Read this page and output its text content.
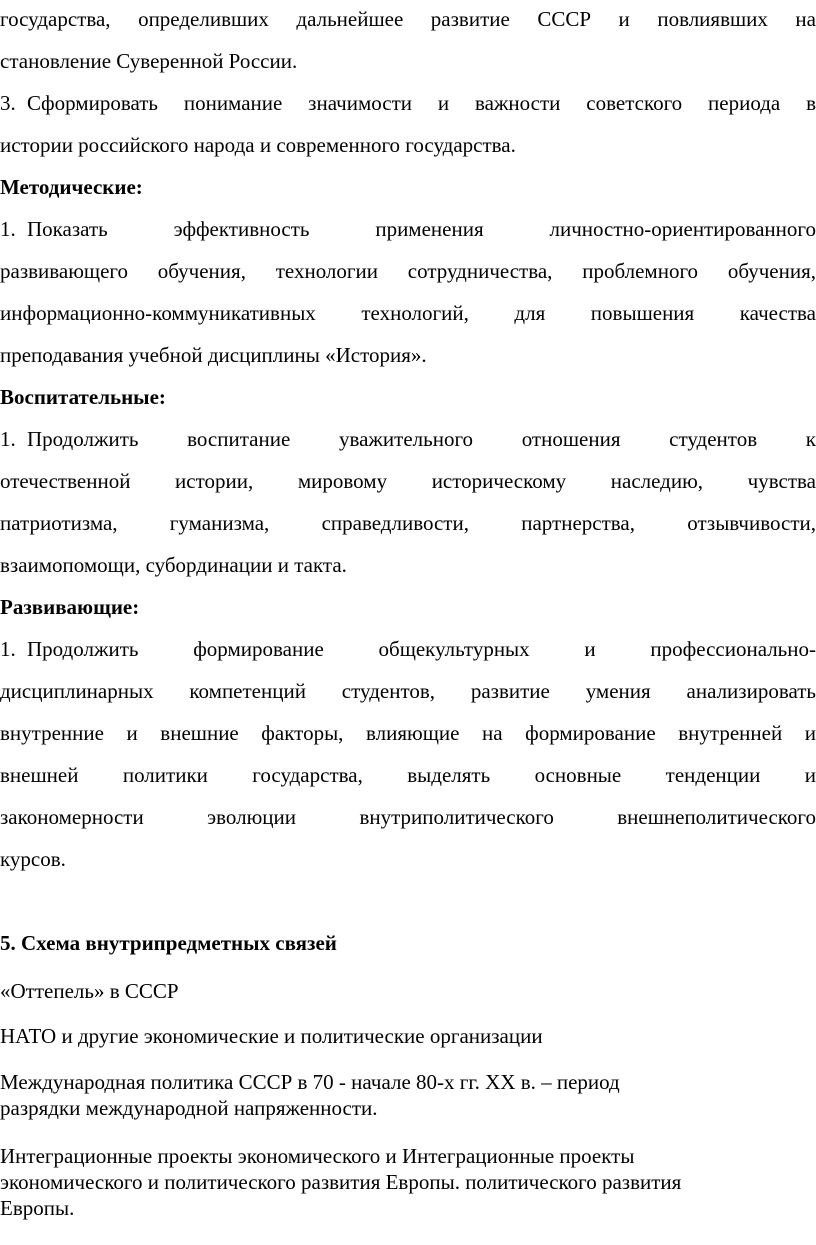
государства, определивших дальнейшее развитие СССР и повлиявших на
становление Суверенной России.
3. Сформировать понимание значимости и важности советского периода в
истории российского народа и современного государства.
Методические:
1. Показать эффективность применения личностно-ориентированного
развивающего обучения, технологии сотрудничества, проблемного обучения,
информационно-коммуникативных технологий, для повышения качества
преподавания учебной дисциплины «История».
Воспитательные:
1. Продолжить воспитание уважительного отношения студентов к
отечественной истории, мировому историческому наследию, чувства
патриотизма, гуманизма, справедливости, партнерства, отзывчивости,
взаимопомощи, субординации и такта.
Развивающие:
1. Продолжить формирование общекультурных и профессионально-
дисциплинарных компетенций студентов, развитие умения анализировать
внутренние и внешние факторы, влияющие на формирование внутренней и
внешней политики государства, выделять основные тенденции и
закономерности эволюции внутриполитического внешнеполитического
курсов.
5. Схема внутрипредметных связей
«Оттепель» в СССР
НАТО и другие экономические и политические организации
Международная политика СССР в 70 - начале 80-х гг. XX в. – период
разрядки международной напряженности.
Интеграционные проекты экономического и Интеграционные проекты
экономического и политического развития Европы. политического развития
Европы.
